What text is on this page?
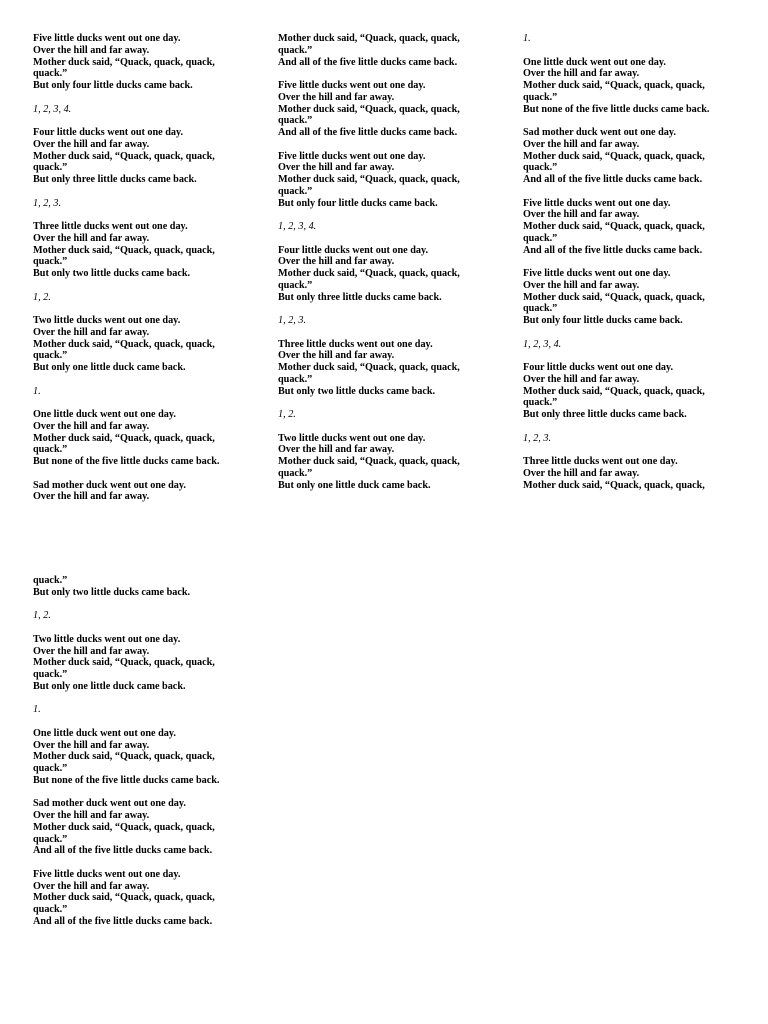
Five little ducks went out one day.
Over the hill and far away.
Mother duck said, “Quack, quack, quack,
quack.”
But only four little ducks came back.
1, 2, 3, 4.
Four little ducks went out one day.
Over the hill and far away.
Mother duck said, “Quack, quack, quack,
quack.”
But only three little ducks came back.
1, 2, 3.
Three little ducks went out one day.
Over the hill and far away.
Mother duck said, “Quack, quack, quack,
quack.”
But only two little ducks came back.
1, 2.
Two little ducks went out one day.
Over the hill and far away.
Mother duck said, “Quack, quack, quack,
quack.”
But only one little duck came back.
1.
One little duck went out one day.
Over the hill and far away.
Mother duck said, “Quack, quack, quack,
quack.”
But none of the five little ducks came back.
Sad mother duck went out one day.
Over the hill and far away.
Mother duck said, “Quack, quack, quack,
quack.”
And all of the five little ducks came back.
Five little ducks went out one day.
Over the hill and far away.
Mother duck said, “Quack, quack, quack,
quack.”
And all of the five little ducks came back.
Five little ducks went out one day.
Over the hill and far away.
Mother duck said, “Quack, quack, quack,
quack.”
But only four little ducks came back.
1, 2, 3, 4.
Four little ducks went out one day.
Over the hill and far away.
Mother duck said, “Quack, quack, quack,
quack.”
But only three little ducks came back.
1, 2, 3.
Three little ducks went out one day.
Over the hill and far away.
Mother duck said, “Quack, quack, quack,
quack.”
But only two little ducks came back.
1, 2.
Two little ducks went out one day.
Over the hill and far away.
Mother duck said, “Quack, quack, quack,
quack.”
But only one little duck came back.
1.
One little duck went out one day.
Over the hill and far away.
Mother duck said, “Quack, quack, quack,
quack.”
But none of the five little ducks came back.
Sad mother duck went out one day.
Over the hill and far away.
Mother duck said, “Quack, quack, quack,
quack.”
And all of the five little ducks came back.
Five little ducks went out one day.
Over the hill and far away.
Mother duck said, “Quack, quack, quack,
quack.”
And all of the five little ducks came back.
Five little ducks went out one day.
Over the hill and far away.
Mother duck said, “Quack, quack, quack,
quack.”
But only four little ducks came back.
1, 2, 3, 4.
Four little ducks went out one day.
Over the hill and far away.
Mother duck said, “Quack, quack, quack,
quack.”
But only three little ducks came back.
1, 2, 3.
Three little ducks went out one day.
Over the hill and far away.
Mother duck said, “Quack, quack, quack,
quack.”
But only two little ducks came back.
1, 2.
Two little ducks went out one day.
Over the hill and far away.
Mother duck said, “Quack, quack, quack,
quack.”
But only one little duck came back.
1.
One little duck went out one day.
Over the hill and far away.
Mother duck said, “Quack, quack, quack,
quack.”
But none of the five little ducks came back.
Sad mother duck went out one day.
Over the hill and far away.
Mother duck said, “Quack, quack, quack,
quack.”
And all of the five little ducks came back.
Five little ducks went out one day.
Over the hill and far away.
Mother duck said, “Quack, quack, quack,
quack.”
And all of the five little ducks came back.
